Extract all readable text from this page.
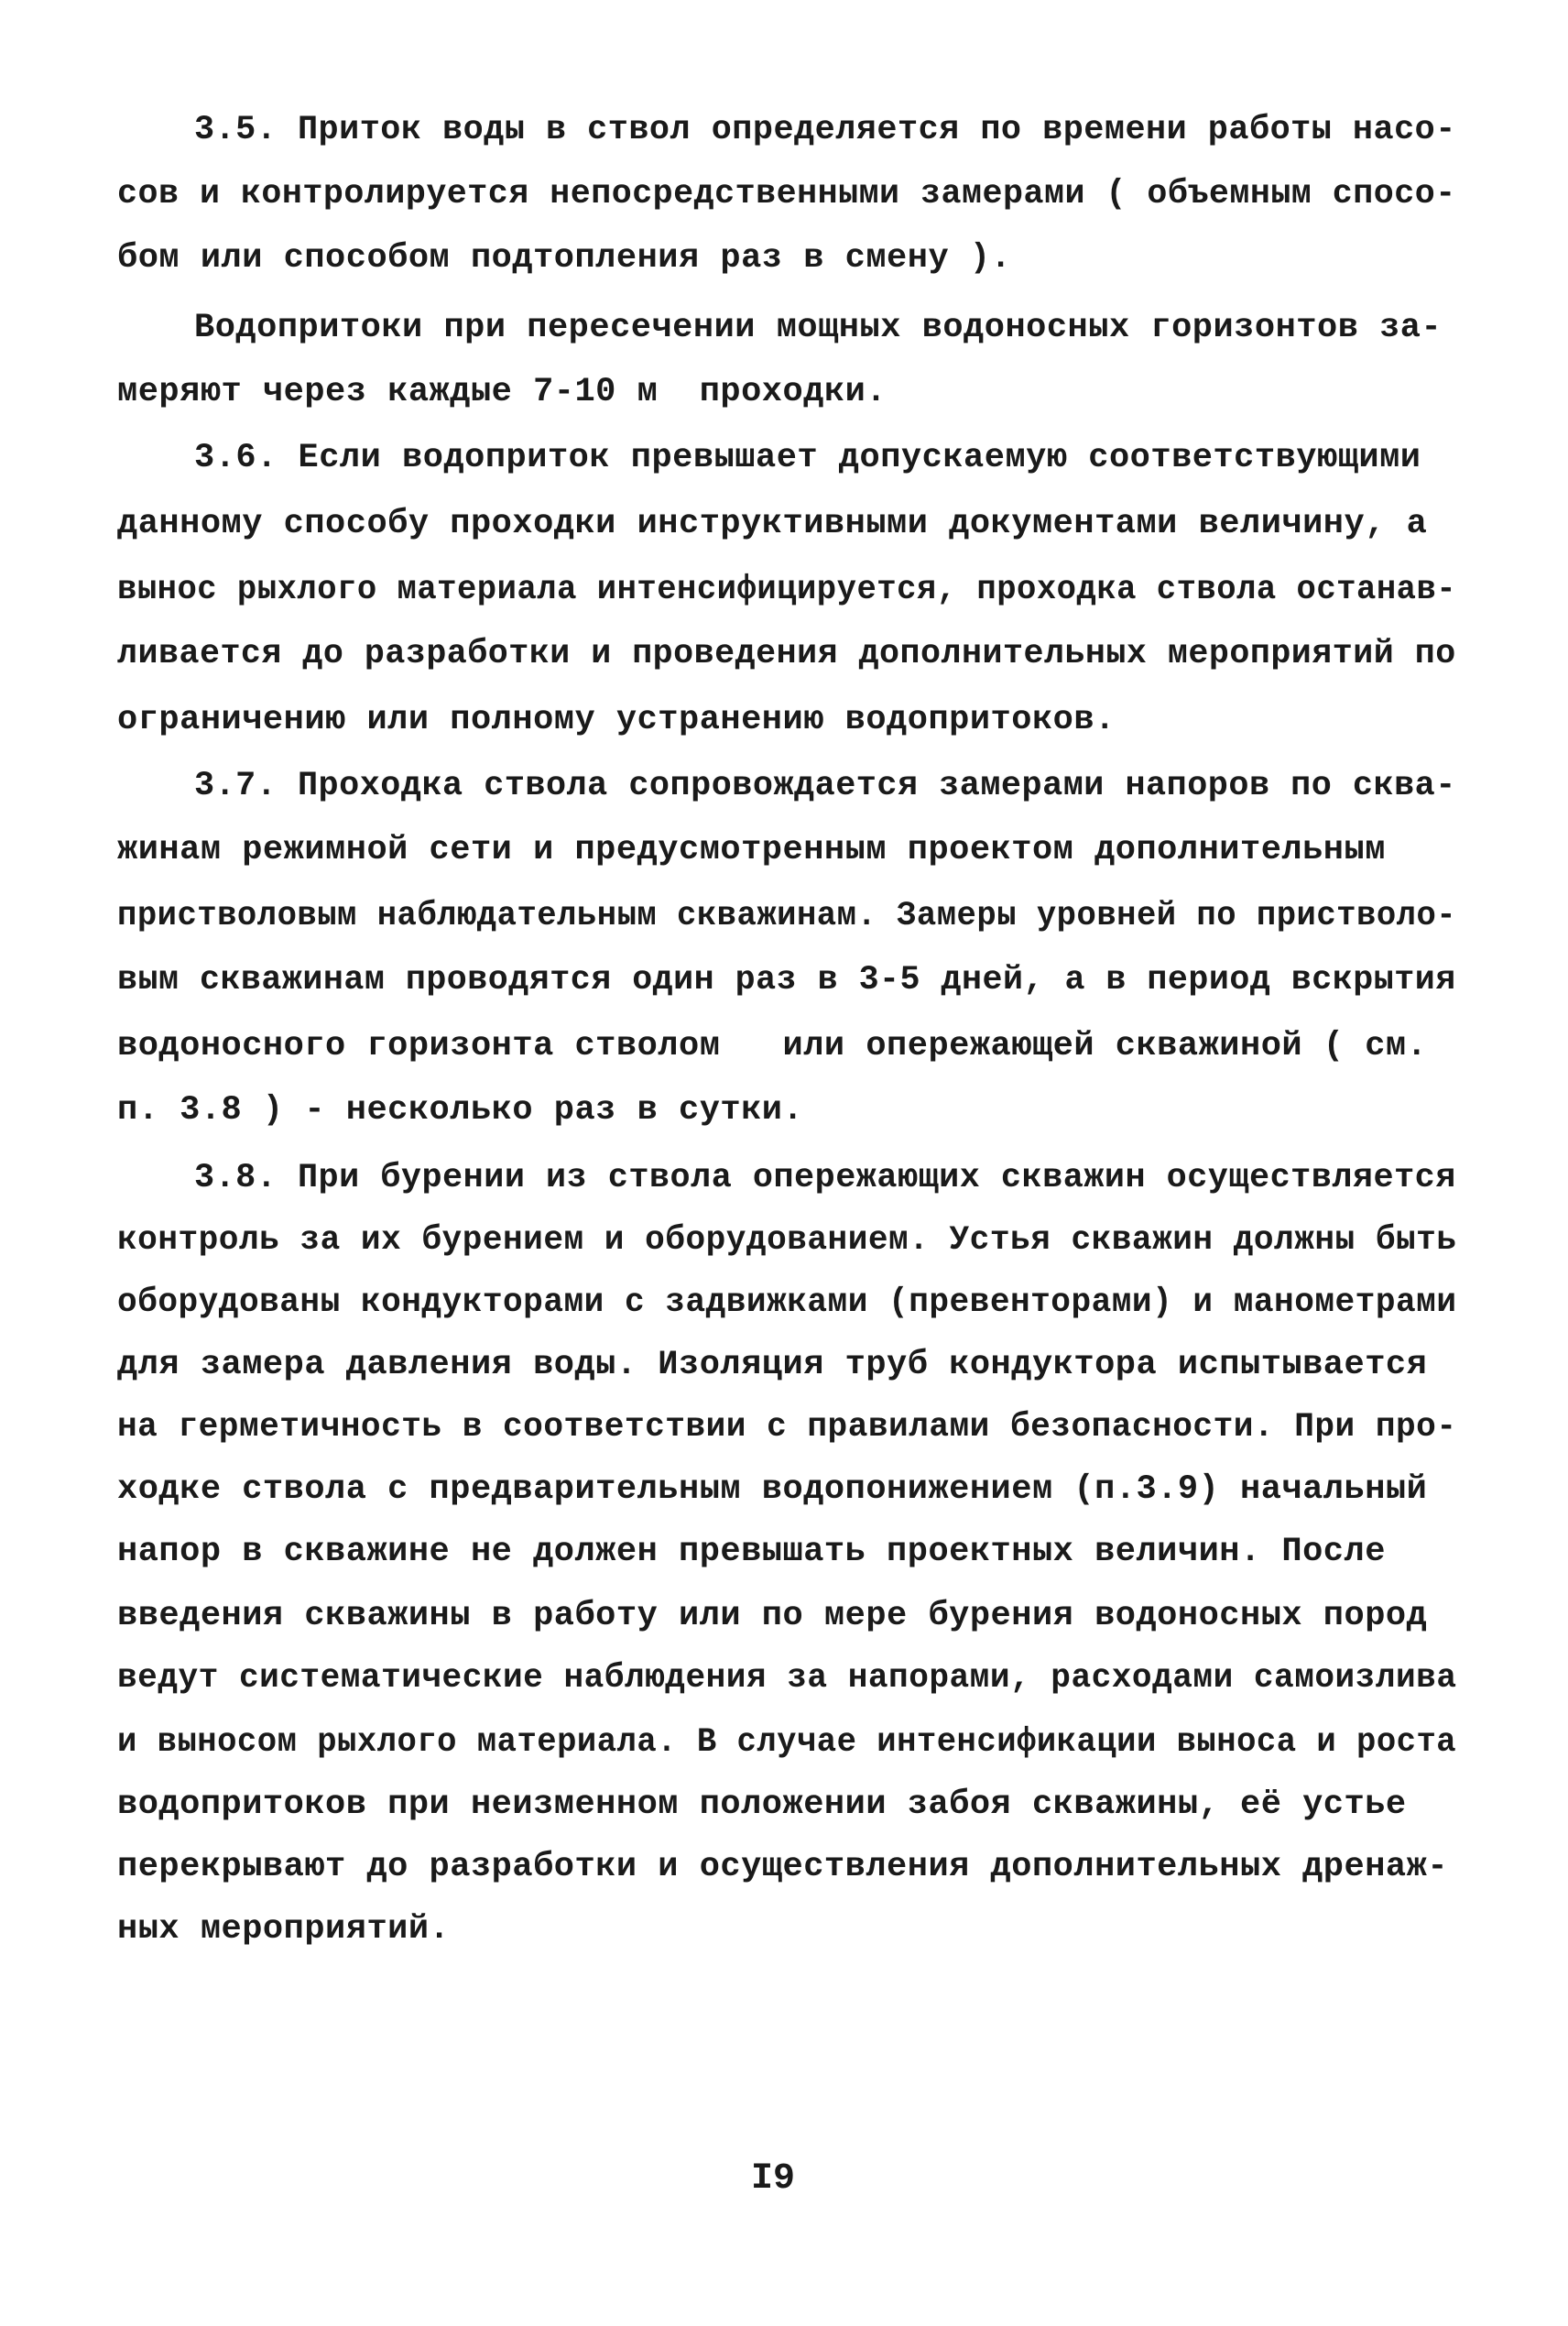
3.5. Приток воды в ствол определяется по времени работы насо-
сов и контролируется непосредственными замерами ( объемным спосо-
бом или способом подтопления раз в смену ).
Водопритоки при пересечении мощных водоносных горизонтов за-
меряют через каждые 7-10 м  проходки.
3.6. Если водоприток превышает допускаемую соответствующими
данному способу проходки инструктивными документами величину, а
вынос рыхлого материала интенсифицируется, проходка ствола останав-
ливается до разработки и проведения дополнительных мероприятий по
ограничению или полному устранению водопритоков.
3.7. Проходка ствола сопровождается замерами напоров по сква-
жинам режимной сети и предусмотренным проектом дополнительным
пристволовым наблюдательным скважинам. Замеры уровней по пристволо-
вым скважинам проводятся один раз в 3-5 дней, а в период вскрытия
водоносного горизонта стволом   или опережающей скважиной ( см.
п. 3.8 ) - несколько раз в сутки.
3.8. При бурении из ствола опережающих скважин осуществляется
контроль за их бурением и оборудованием. Устья скважин должны быть
оборудованы кондукторами с задвижками (превенторами) и манометрами
для замера давления воды. Изоляция труб кондуктора испытывается
на герметичность в соответствии с правилами безопасности. При про-
ходке ствола с предварительным водопонижением (п.3.9) начальный
напор в скважине не должен превышать проектных величин. После
введения скважины в работу или по мере бурения водоносных пород
ведут систематические наблюдения за напорами, расходами самоизлива
и выносом рыхлого материала. В случае интенсификации выноса и роста
водопритоков при неизменном положении забоя скважины, её устье
перекрывают до разработки и осуществления дополнительных дренаж-
ных мероприятий.
I9
